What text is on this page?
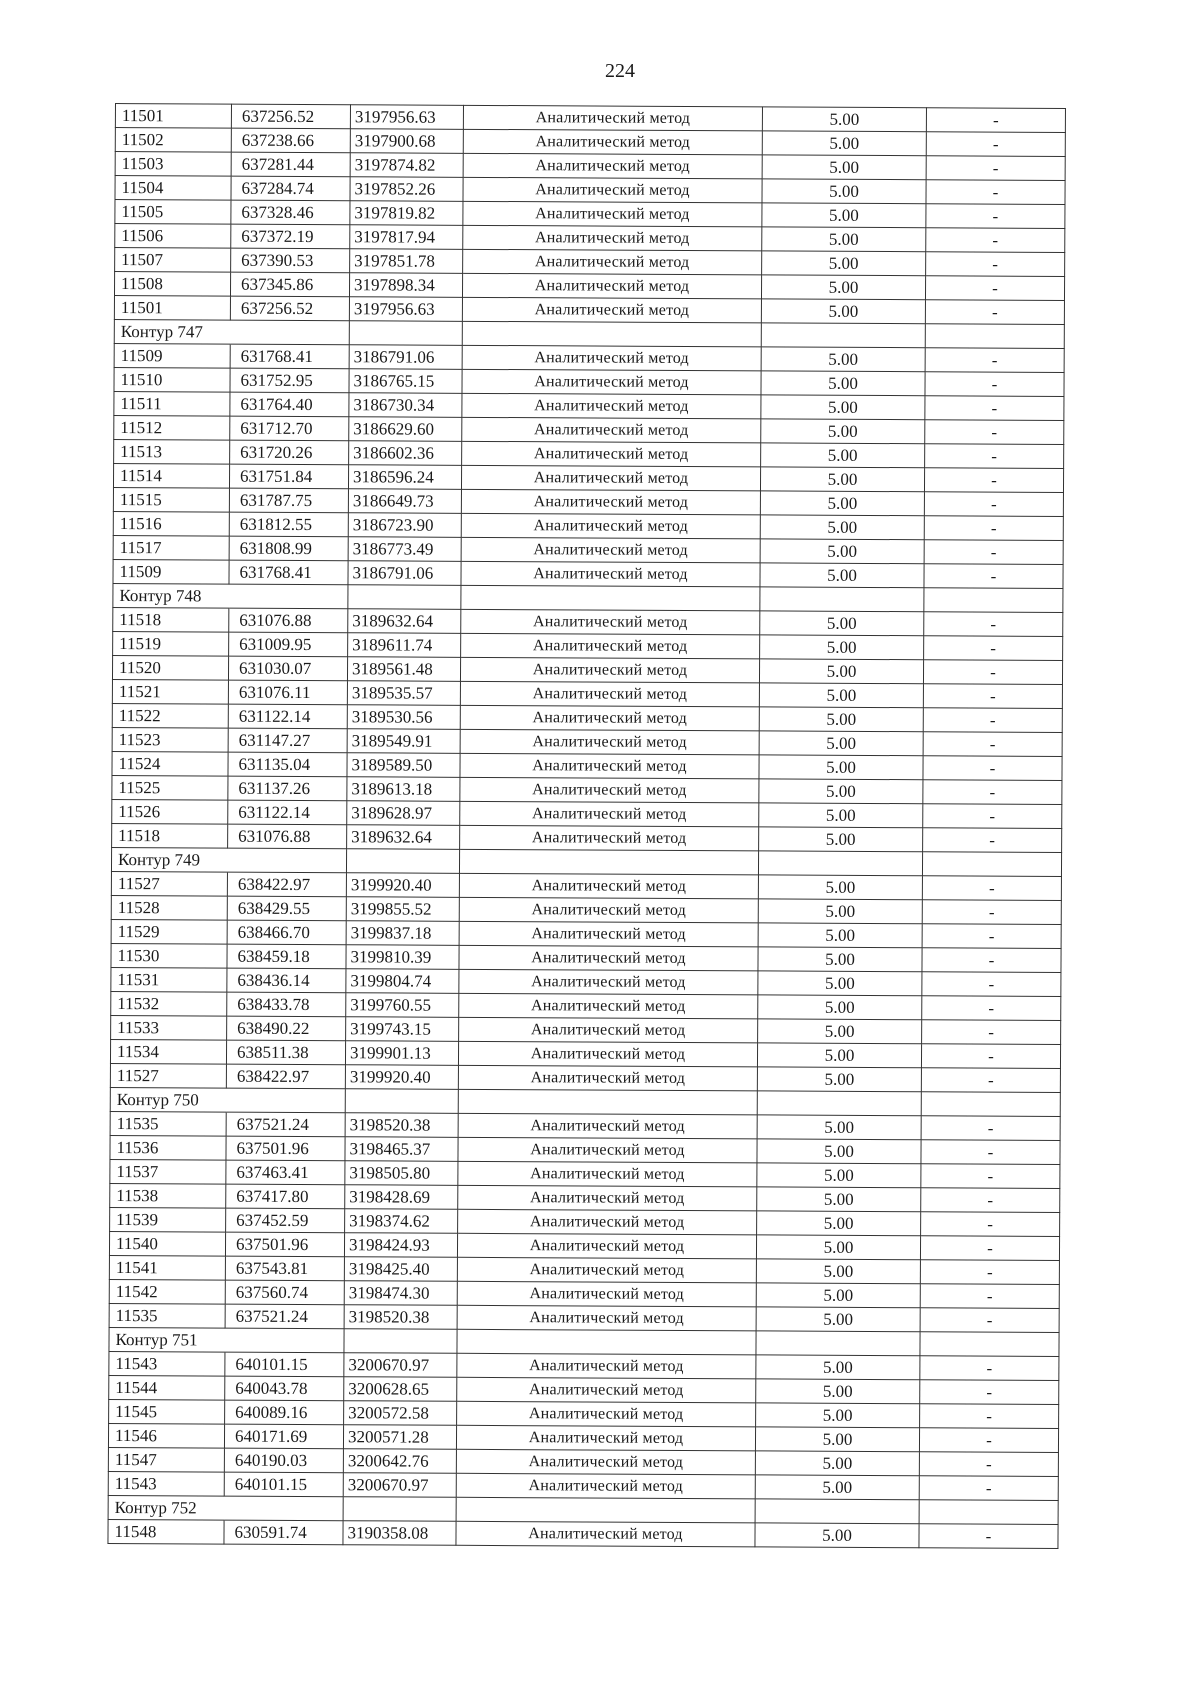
224
11501	637256.52	3197956.63	Аналитический метод	5.00	-
11502	637238.66	3197900.68	Аналитический метод	5.00	-
11503	637281.44	3197874.82	Аналитический метод	5.00	-
11504	637284.74	3197852.26	Аналитический метод	5.00	-
11505	637328.46	3197819.82	Аналитический метод	5.00	-
11506	637372.19	3197817.94	Аналитический метод	5.00	-
11507	637390.53	3197851.78	Аналитический метод	5.00	-
11508	637345.86	3197898.34	Аналитический метод	5.00	-
11501	637256.52	3197956.63	Аналитический метод	5.00	-
Контур 747					
11509	631768.41	3186791.06	Аналитический метод	5.00	-
11510	631752.95	3186765.15	Аналитический метод	5.00	-
11511	631764.40	3186730.34	Аналитический метод	5.00	-
11512	631712.70	3186629.60	Аналитический метод	5.00	-
11513	631720.26	3186602.36	Аналитический метод	5.00	-
11514	631751.84	3186596.24	Аналитический метод	5.00	-
11515	631787.75	3186649.73	Аналитический метод	5.00	-
11516	631812.55	3186723.90	Аналитический метод	5.00	-
11517	631808.99	3186773.49	Аналитический метод	5.00	-
11509	631768.41	3186791.06	Аналитический метод	5.00	-
Контур 748					
11518	631076.88	3189632.64	Аналитический метод	5.00	-
11519	631009.95	3189611.74	Аналитический метод	5.00	-
11520	631030.07	3189561.48	Аналитический метод	5.00	-
11521	631076.11	3189535.57	Аналитический метод	5.00	-
11522	631122.14	3189530.56	Аналитический метод	5.00	-
11523	631147.27	3189549.91	Аналитический метод	5.00	-
11524	631135.04	3189589.50	Аналитический метод	5.00	-
11525	631137.26	3189613.18	Аналитический метод	5.00	-
11526	631122.14	3189628.97	Аналитический метод	5.00	-
11518	631076.88	3189632.64	Аналитический метод	5.00	-
Контур 749					
11527	638422.97	3199920.40	Аналитический метод	5.00	-
11528	638429.55	3199855.52	Аналитический метод	5.00	-
11529	638466.70	3199837.18	Аналитический метод	5.00	-
11530	638459.18	3199810.39	Аналитический метод	5.00	-
11531	638436.14	3199804.74	Аналитический метод	5.00	-
11532	638433.78	3199760.55	Аналитический метод	5.00	-
11533	638490.22	3199743.15	Аналитический метод	5.00	-
11534	638511.38	3199901.13	Аналитический метод	5.00	-
11527	638422.97	3199920.40	Аналитический метод	5.00	-
Контур 750					
11535	637521.24	3198520.38	Аналитический метод	5.00	-
11536	637501.96	3198465.37	Аналитический метод	5.00	-
11537	637463.41	3198505.80	Аналитический метод	5.00	-
11538	637417.80	3198428.69	Аналитический метод	5.00	-
11539	637452.59	3198374.62	Аналитический метод	5.00	-
11540	637501.96	3198424.93	Аналитический метод	5.00	-
11541	637543.81	3198425.40	Аналитический метод	5.00	-
11542	637560.74	3198474.30	Аналитический метод	5.00	-
11535	637521.24	3198520.38	Аналитический метод	5.00	-
Контур 751					
11543	640101.15	3200670.97	Аналитический метод	5.00	-
11544	640043.78	3200628.65	Аналитический метод	5.00	-
11545	640089.16	3200572.58	Аналитический метод	5.00	-
11546	640171.69	3200571.28	Аналитический метод	5.00	-
11547	640190.03	3200642.76	Аналитический метод	5.00	-
11543	640101.15	3200670.97	Аналитический метод	5.00	-
Контур 752					
11548	630591.74	3190358.08	Аналитический метод	5.00	-
